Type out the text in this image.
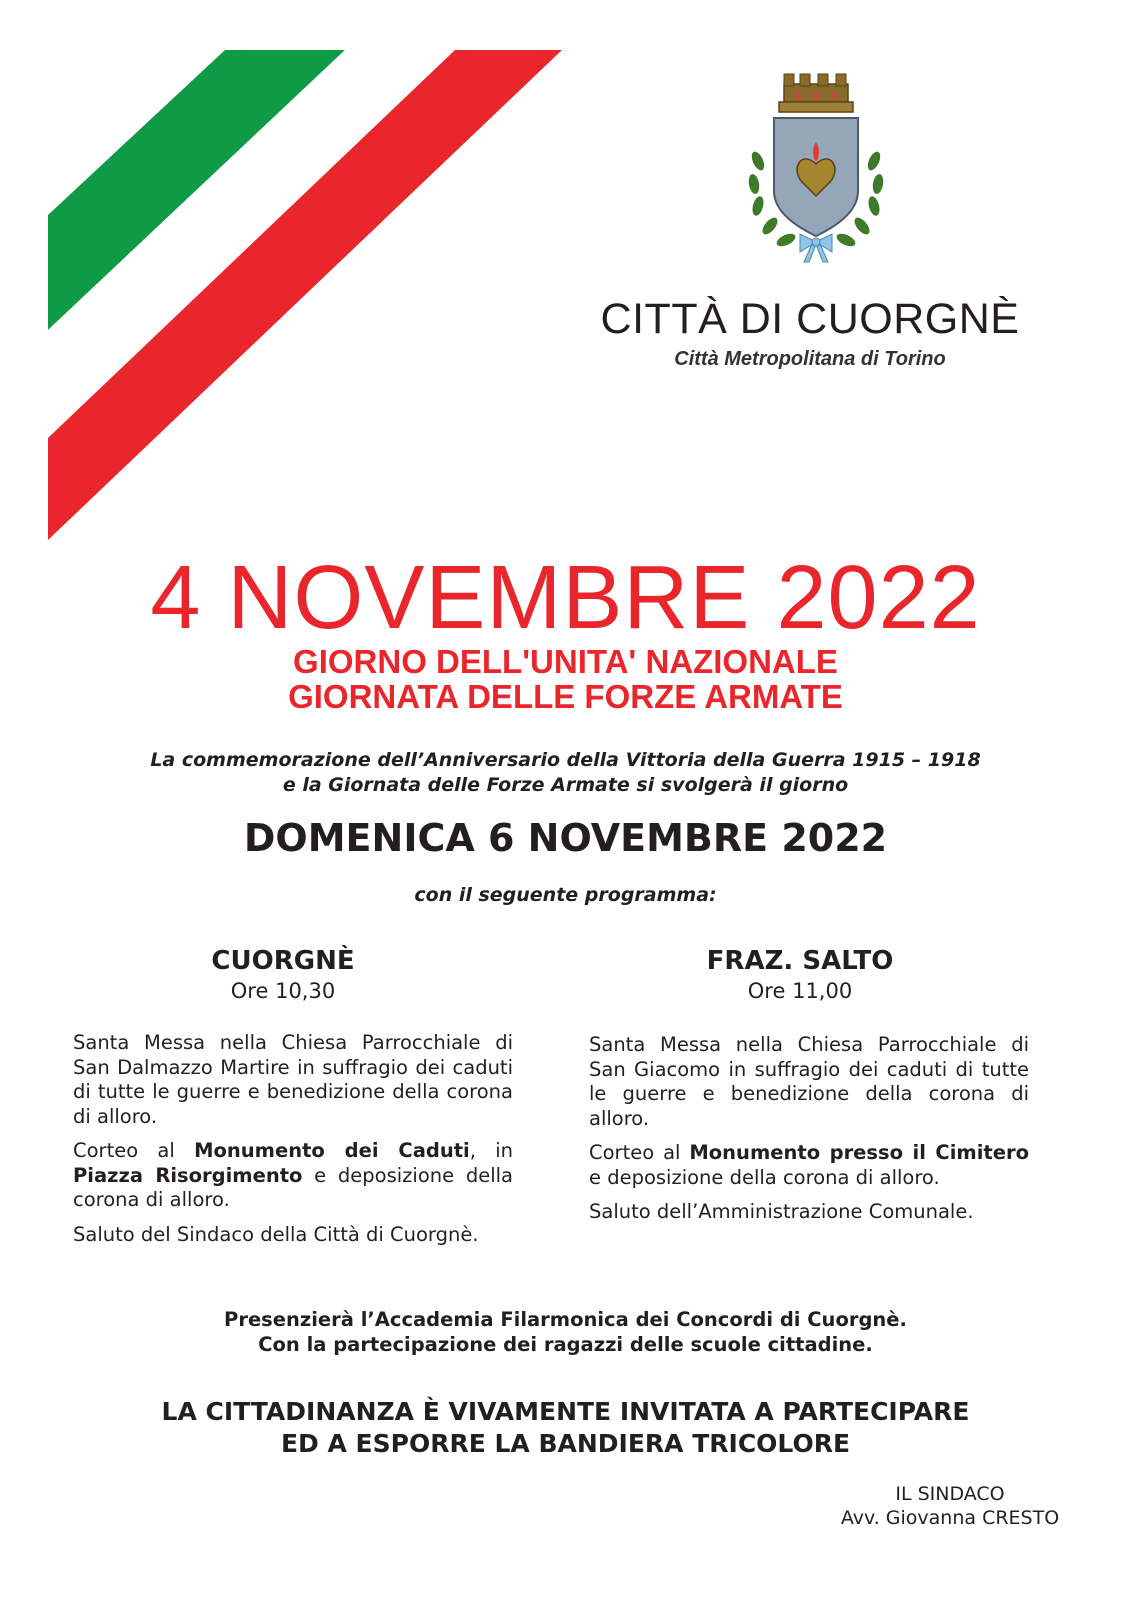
CITTÀ DI CUORGNÈ
Città Metropolitana di Torino
4 NOVEMBRE 2022
GIORNO DELL'UNITA' NAZIONALE
GIORNATA DELLE FORZE ARMATE
La commemorazione dell’Anniversario della Vittoria della Guerra 1915 – 1918
e la Giornata delle Forze Armate si svolgerà il giorno
DOMENICA 6 NOVEMBRE 2022
con il seguente programma:
CUORGNÈ
Ore 10,30

Santa Messa nella Chiesa Parrocchiale di San Dalmazzo Martire in suffragio dei caduti di tutte le guerre e benedizione della corona di alloro.

Corteo al Monumento dei Caduti, in Piazza Risorgimento e deposizione della corona di alloro.

Saluto del Sindaco della Città di Cuorgnè.

FRAZ. SALTO
Ore 11,00

Santa Messa nella Chiesa Parrocchiale di San Giacomo in suffragio dei caduti di tutte le guerre e benedizione della corona di alloro.

Corteo al Monumento presso il Cimitero e deposizione della corona di alloro.

Saluto dell’Amministrazione Comunale.

Presenzierà l’Accademia Filarmonica dei Concordi di Cuorgnè.
Con la partecipazione dei ragazzi delle scuole cittadine.
LA CITTADINANZA È VIVAMENTE INVITATA A PARTECIPARE
ED A ESPORRE LA BANDIERA TRICOLORE
IL SINDACO
Avv. Giovanna CRESTO
